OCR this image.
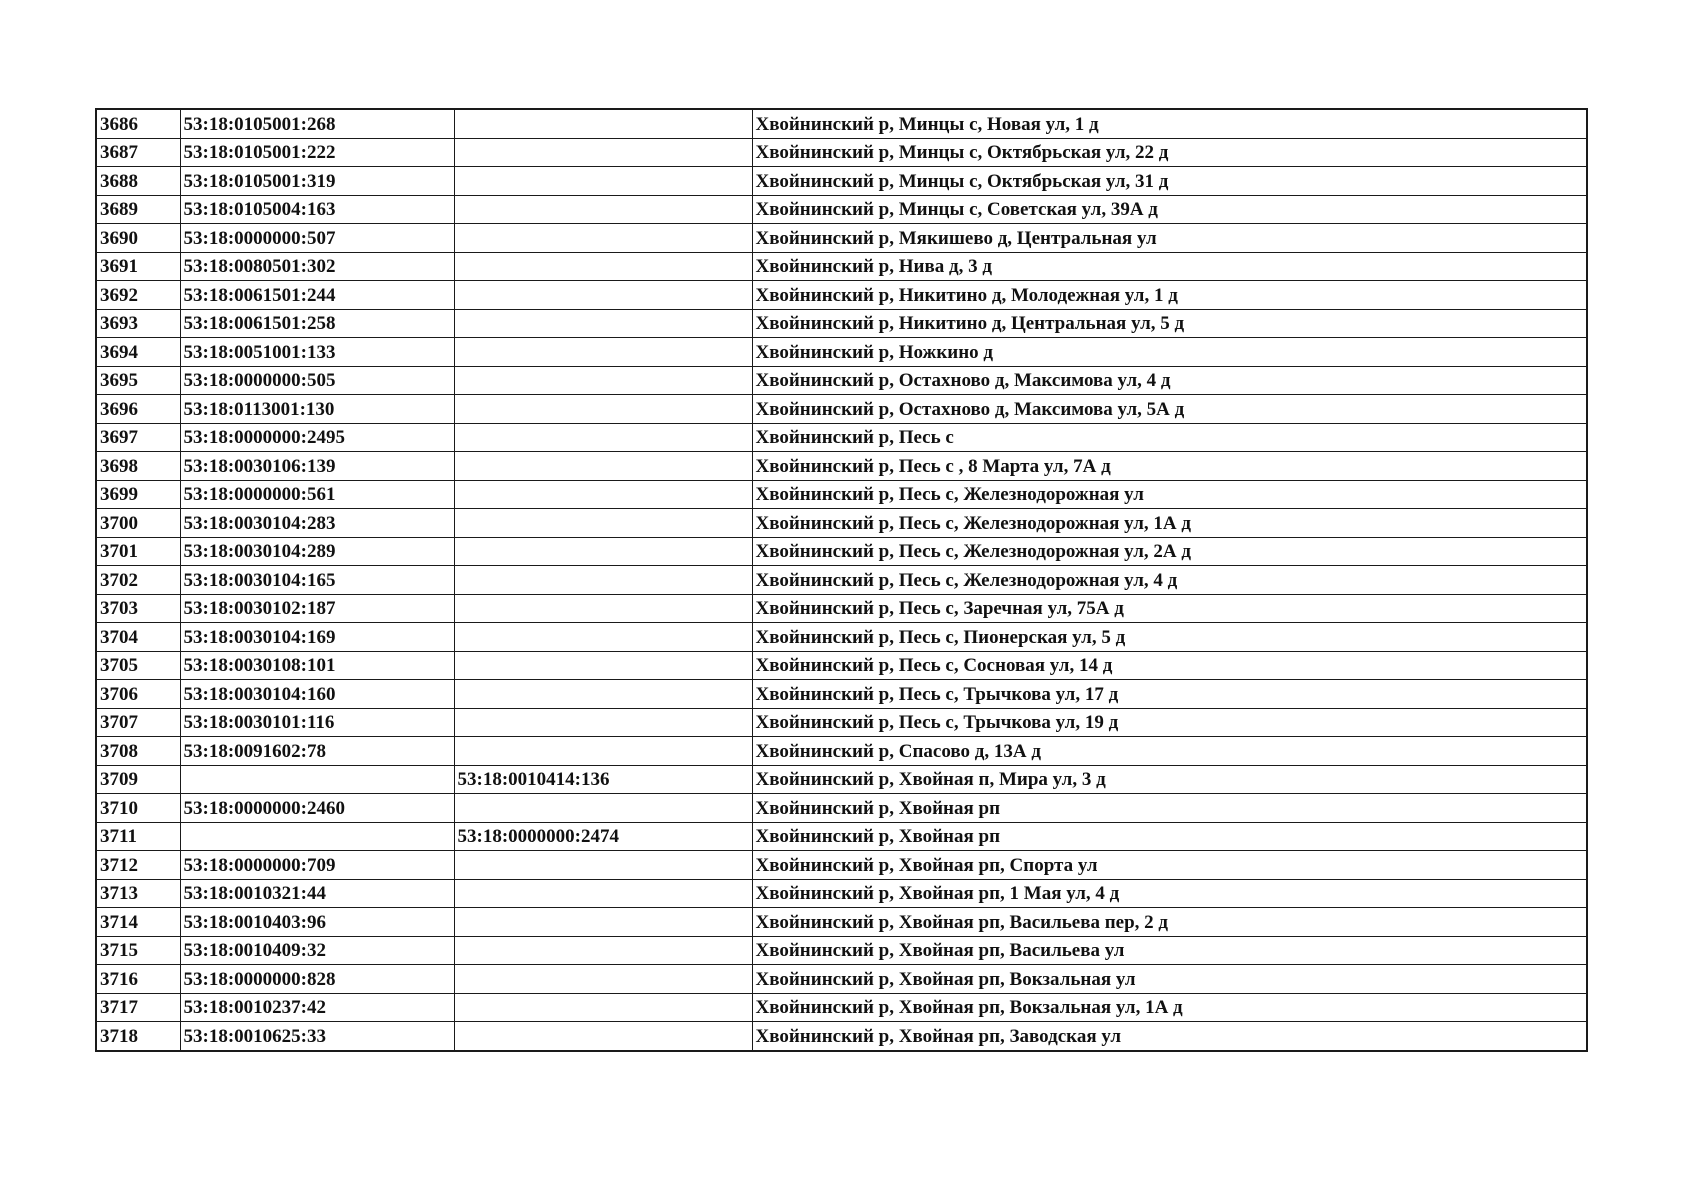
3686	53:18:0105001:268		Хвойнинский р, Минцы с, Новая ул, 1 д
3687	53:18:0105001:222		Хвойнинский р, Минцы с, Октябрьская ул, 22 д
3688	53:18:0105001:319		Хвойнинский р, Минцы с, Октябрьская ул, 31 д
3689	53:18:0105004:163		Хвойнинский р, Минцы с, Советская ул, 39А д
3690	53:18:0000000:507		Хвойнинский р, Мякишево д, Центральная ул
3691	53:18:0080501:302		Хвойнинский р, Нива д, 3 д
3692	53:18:0061501:244		Хвойнинский р, Никитино д, Молодежная ул, 1 д
3693	53:18:0061501:258		Хвойнинский р, Никитино д, Центральная ул, 5 д
3694	53:18:0051001:133		Хвойнинский р, Ножкино д
3695	53:18:0000000:505		Хвойнинский р, Остахново д, Максимова ул, 4 д
3696	53:18:0113001:130		Хвойнинский р, Остахново д, Максимова ул, 5А д
3697	53:18:0000000:2495		Хвойнинский р, Песь с
3698	53:18:0030106:139		Хвойнинский р, Песь с , 8 Марта ул, 7А д
3699	53:18:0000000:561		Хвойнинский р, Песь с, Железнодорожная ул
3700	53:18:0030104:283		Хвойнинский р, Песь с, Железнодорожная ул, 1А д
3701	53:18:0030104:289		Хвойнинский р, Песь с, Железнодорожная ул, 2А д
3702	53:18:0030104:165		Хвойнинский р, Песь с, Железнодорожная ул, 4 д
3703	53:18:0030102:187		Хвойнинский р, Песь с, Заречная ул, 75А д
3704	53:18:0030104:169		Хвойнинский р, Песь с, Пионерская ул, 5 д
3705	53:18:0030108:101		Хвойнинский р, Песь с, Сосновая ул, 14 д
3706	53:18:0030104:160		Хвойнинский р, Песь с, Трычкова ул, 17 д
3707	53:18:0030101:116		Хвойнинский р, Песь с, Трычкова ул, 19 д
3708	53:18:0091602:78		Хвойнинский р, Спасово д, 13А д
3709		53:18:0010414:136	Хвойнинский р, Хвойная п, Мира ул, 3 д
3710	53:18:0000000:2460		Хвойнинский р, Хвойная рп
3711		53:18:0000000:2474	Хвойнинский р, Хвойная рп
3712	53:18:0000000:709		Хвойнинский р, Хвойная рп, Спорта ул
3713	53:18:0010321:44		Хвойнинский р, Хвойная рп, 1 Мая ул, 4 д
3714	53:18:0010403:96		Хвойнинский р, Хвойная рп, Васильева пер, 2 д
3715	53:18:0010409:32		Хвойнинский р, Хвойная рп, Васильева ул
3716	53:18:0000000:828		Хвойнинский р, Хвойная рп, Вокзальная ул
3717	53:18:0010237:42		Хвойнинский р, Хвойная рп, Вокзальная ул, 1А д
3718	53:18:0010625:33		Хвойнинский р, Хвойная рп, Заводская ул
